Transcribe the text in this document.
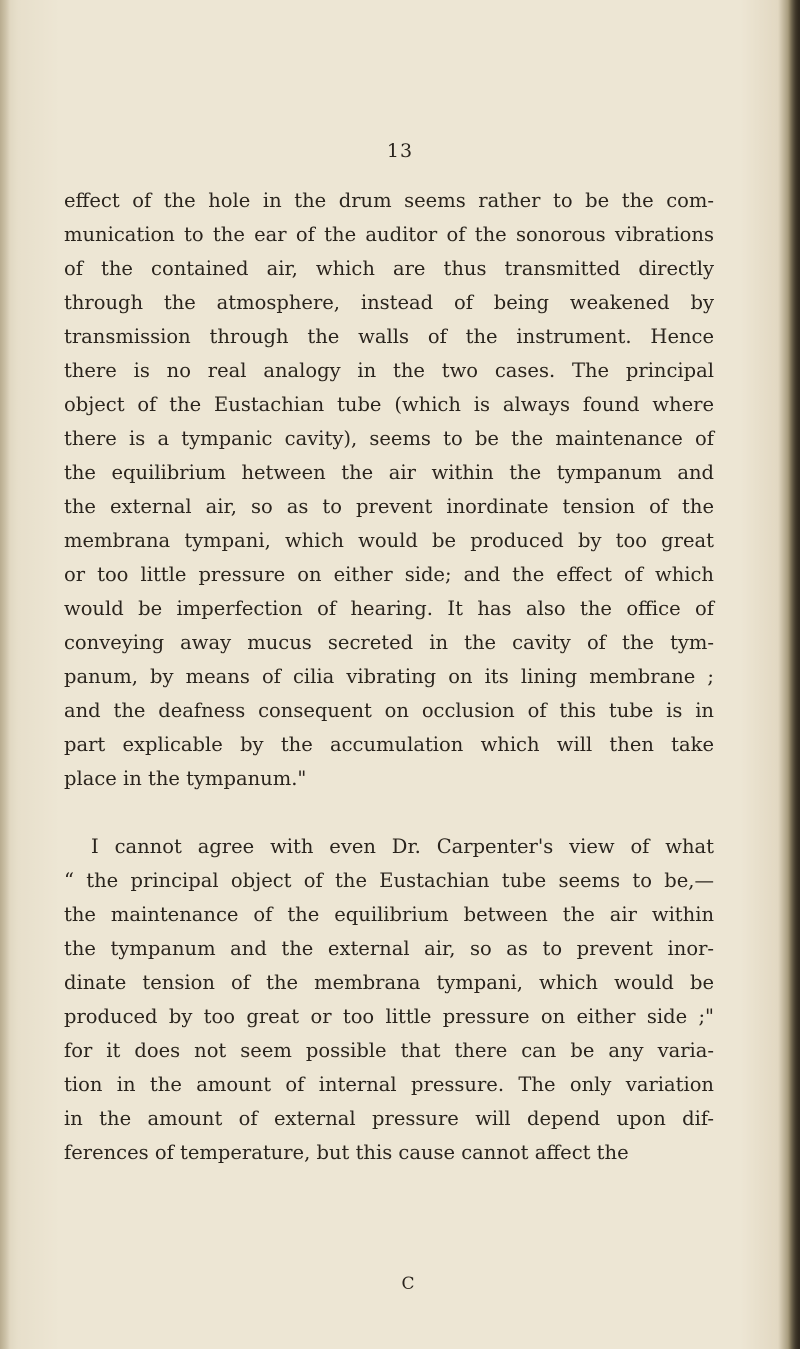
13
effect of the hole in the drum seems rather to be the com-
munication to the ear of the auditor of the sonorous vibrations
of the contained air, which are thus transmitted directly
through the atmosphere, instead of being weakened by
transmission through the walls of the instrument. Hence
there is no real analogy in the two cases. The principal
object of the Eustachian tube (which is always found where
there is a tympanic cavity), seems to be the maintenance of
the equilibrium hetween the air within the tympanum and
the external air, so as to prevent inordinate tension of the
membrana tympani, which would be produced by too great
or too little pressure on either side; and the effect of which
would be imperfection of hearing. It has also the office of
conveying away mucus secreted in the cavity of the tym-
panum, by means of cilia vibrating on its lining membrane ;
and the deafness consequent on occlusion of this tube is in
part explicable by the accumulation which will then take
place in the tympanum."
I cannot agree with even Dr. Carpenter's view of what
“ the principal object of the Eustachian tube seems to be,—
the maintenance of the equilibrium between the air within
the tympanum and the external air, so as to prevent inor-
dinate tension of the membrana tympani, which would be
produced by too great or too little pressure on either side ;"
for it does not seem possible that there can be any varia-
tion in the amount of internal pressure. The only variation
in the amount of external pressure will depend upon dif-
ferences of temperature, but this cause cannot affect the
C
